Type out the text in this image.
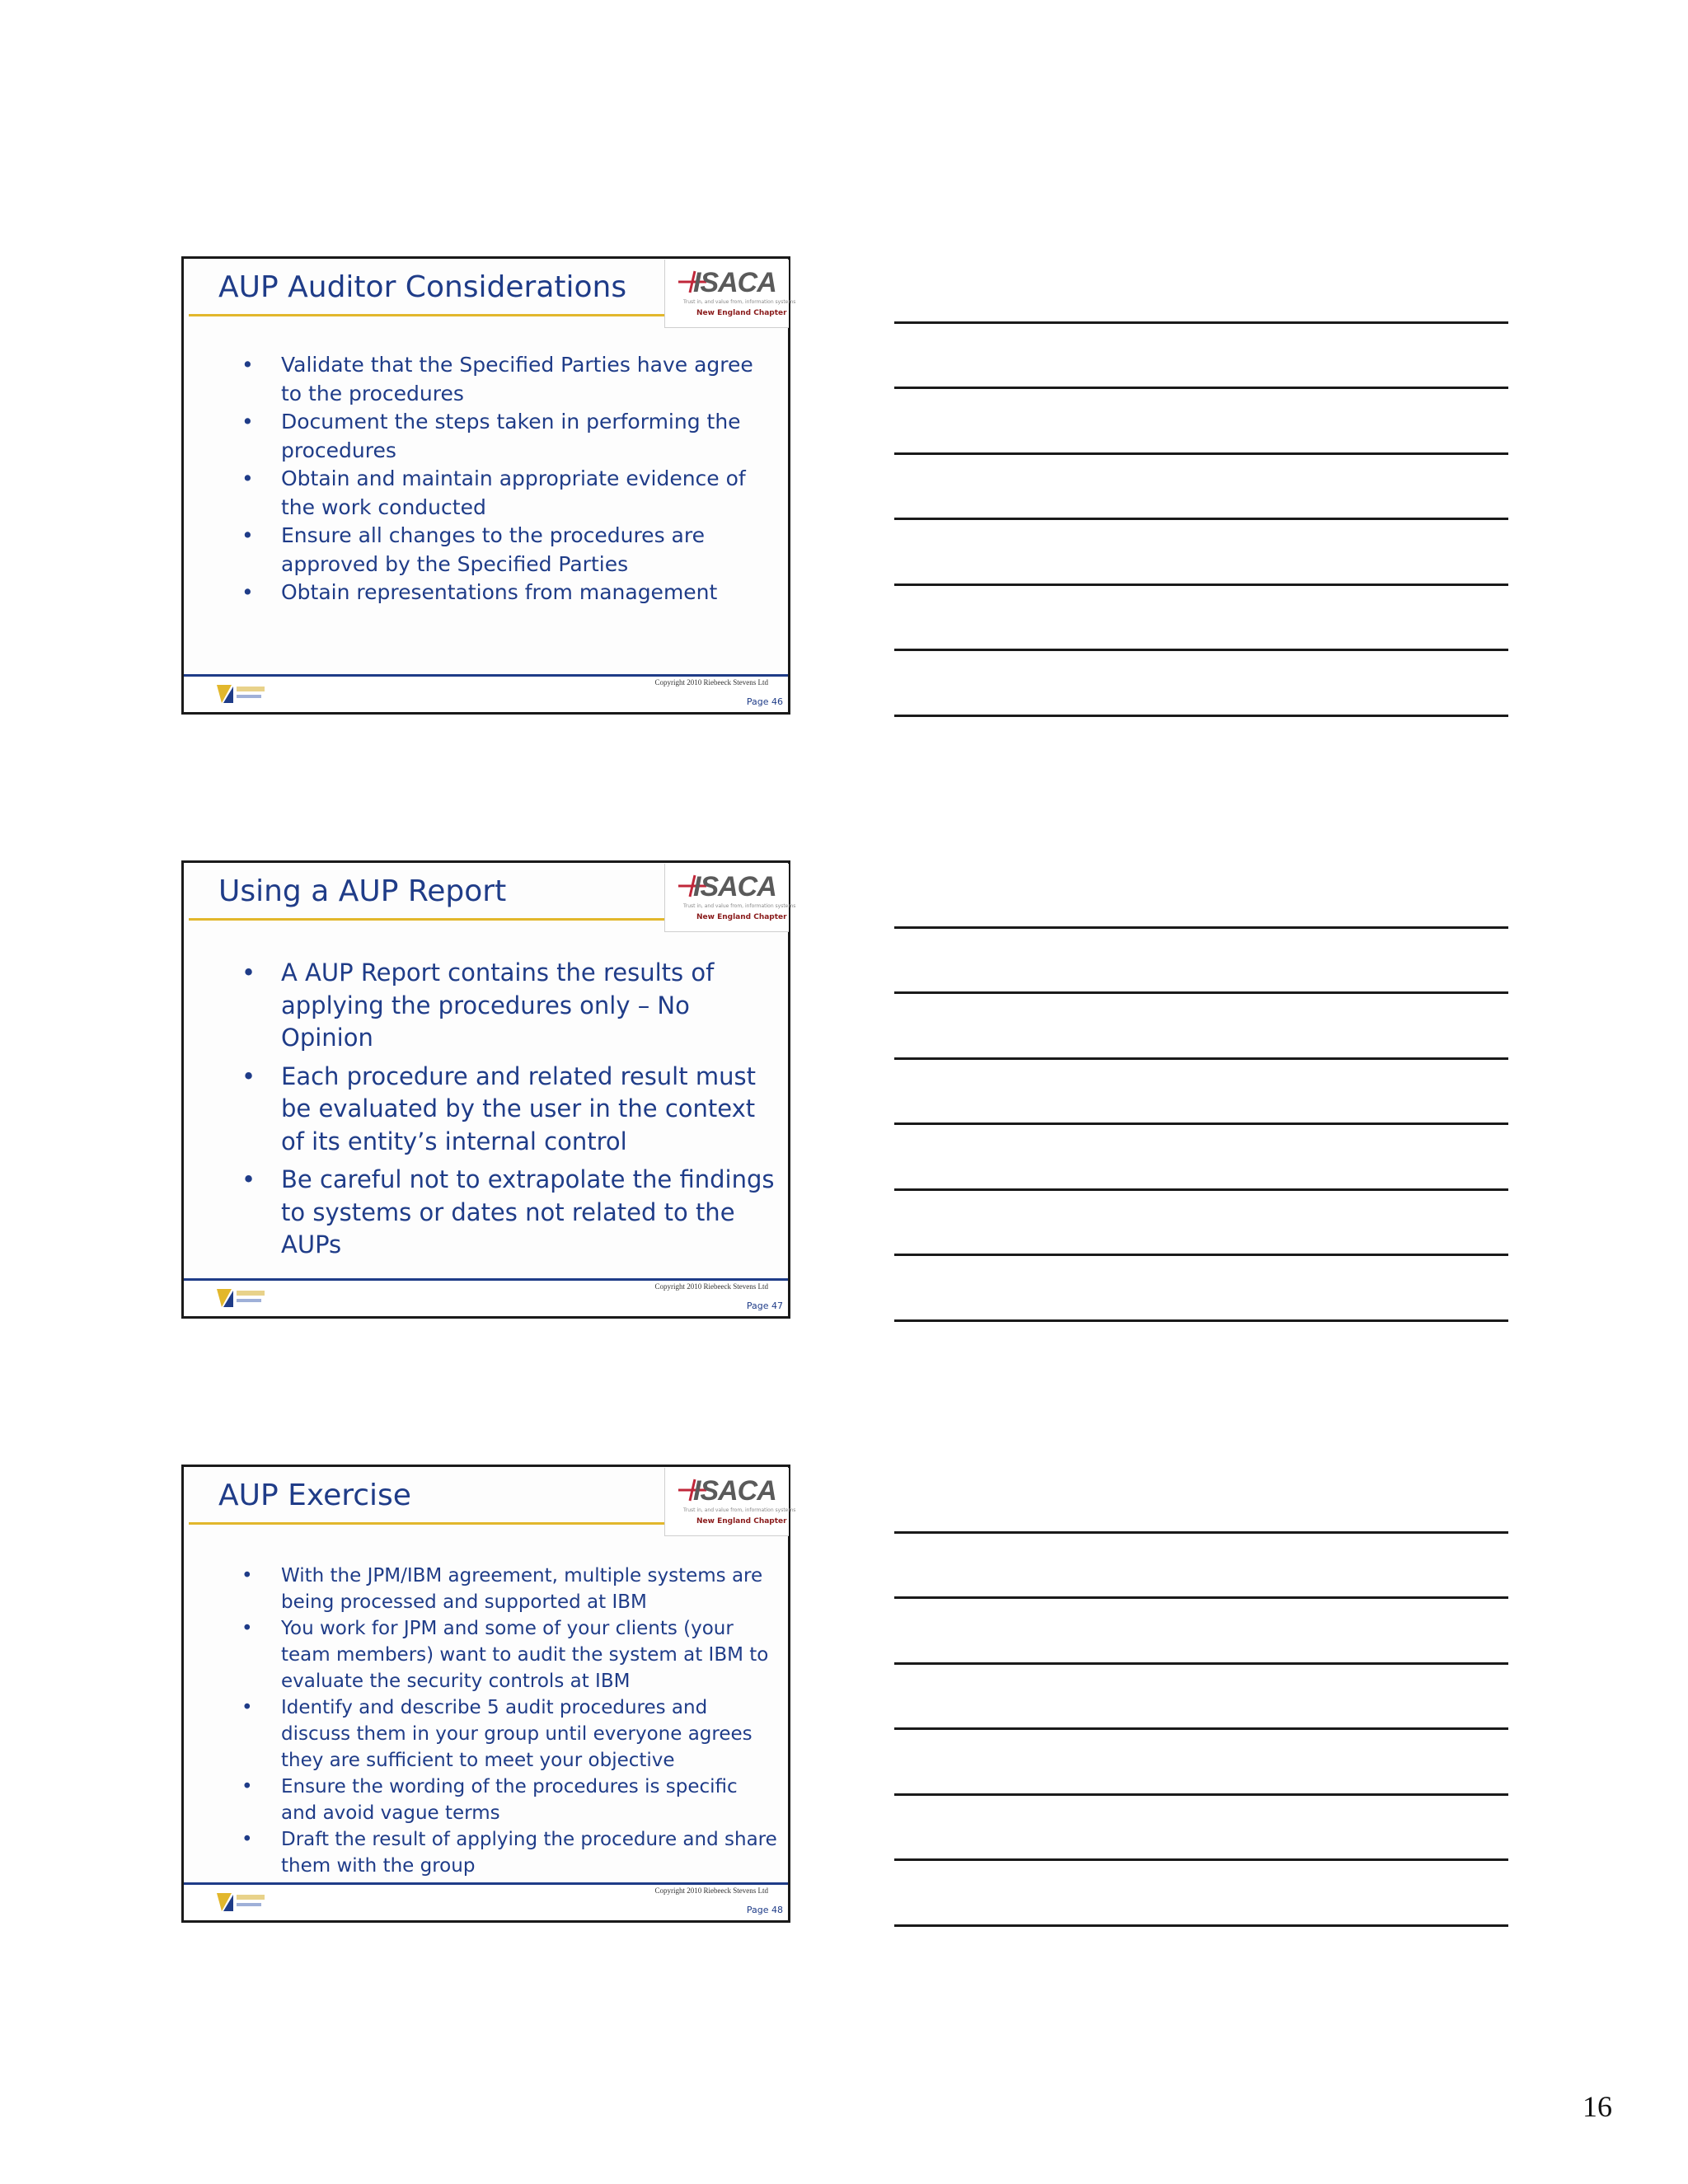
AUP Auditor Considerations ISACA
Trust in, and value from, information systems
New England Chapter
• Validate that the Specified Parties have agree to the procedures
• Document the steps taken in performing the procedures
• Obtain and maintain appropriate evidence of the work conducted
• Ensure all changes to the procedures are approved by the Specified Parties
• Obtain representations from management
Copyright 2010 Riebeeck Stevens Ltd
Page 46
Using a AUP Report	ISACA
Trust in, and value from, information systems
New England Chapter
• A AUP Report contains the results of applying the procedures only – No Opinion
• Each procedure and related result must be evaluated by the user in the context of its entity’s internal control
• Be careful not to extrapolate the findings to systems or dates not related to the AUPs
Copyright 2010 Riebeeck Stevens Ltd
Page 47
AUP Exercise	ISACA
Trust in, and value from, information systems
New England Chapter
• With the JPM/IBM agreement, multiple systems are being processed and supported at IBM
• You work for JPM and some of your clients (your team members) want to audit the system at IBM to evaluate the security controls at IBM
• Identify and describe 5 audit procedures and discuss them in your group until everyone agrees they are sufficient to meet your objective
• Ensure the wording of the procedures is specific and avoid vague terms
• Draft the result of applying the procedure and share them with the group
Copyright 2010 Riebeeck Stevens Ltd
Page 48
16
